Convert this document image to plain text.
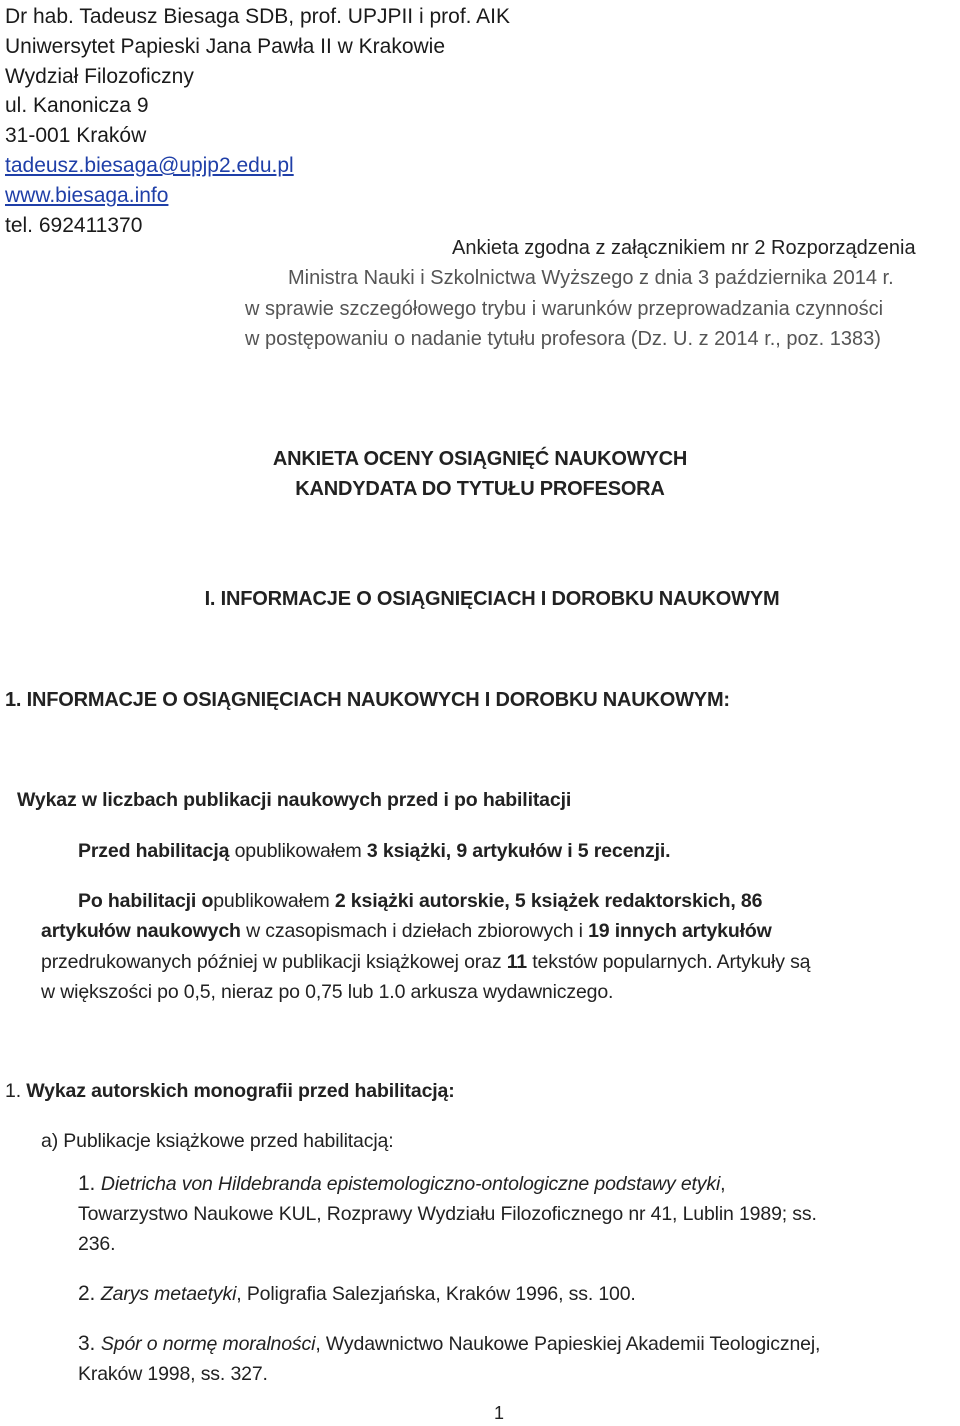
Dr hab. Tadeusz Biesaga SDB, prof. UPJPII i prof. AIK
Uniwersytet Papieski Jana Pawła II w Krakowie
Wydział Filozoficzny
ul. Kanonicza 9
31-001 Kraków
tadeusz.biesaga@upjp2.edu.pl
www.biesaga.info
tel. 692411370
Ankieta zgodna z załącznikiem nr 2 Rozporządzenia
Ministra Nauki i Szkolnictwa Wyższego z dnia 3 października 2014 r.
w sprawie szczegółowego trybu i warunków przeprowadzania czynności
w postępowaniu o nadanie tytułu profesora (Dz. U. z 2014 r., poz. 1383)
ANKIETA OCENY OSIĄGNIĘĆ NAUKOWYCH
KANDYDATA DO TYTUŁU PROFESORA
I. INFORMACJE O OSIĄGNIĘCIACH I DOROBKU NAUKOWYM
1. INFORMACJE O OSIĄGNIĘCIACH NAUKOWYCH I DOROBKU NAUKOWYM:
Wykaz w liczbach publikacji naukowych przed i po habilitacji
Przed habilitacją opublikowałem 3 książki, 9 artykułów i 5 recenzji.
Po habilitacji opublikowałem 2 książki autorskie, 5 książek redaktorskich, 86
artykułów naukowych w czasopismach i dziełach zbiorowych i 19 innych artykułów
przedrukowanych później w publikacji książkowej oraz 11 tekstów popularnych. Artykuły są
w większości po 0,5, nieraz po 0,75 lub 1.0 arkusza wydawniczego.
1. Wykaz autorskich monografii przed habilitacją:
a) Publikacje książkowe przed habilitacją:
1. Dietricha von Hildebranda epistemologiczno-ontologiczne podstawy etyki,
Towarzystwo Naukowe KUL, Rozprawy Wydziału Filozoficznego nr 41, Lublin 1989; ss.
236.
2. Zarys metaetyki, Poligrafia Salezjańska, Kraków 1996, ss. 100.
3. Spór o normę moralności, Wydawnictwo Naukowe Papieskiej Akademii Teologicznej,
Kraków 1998, ss. 327.
1
